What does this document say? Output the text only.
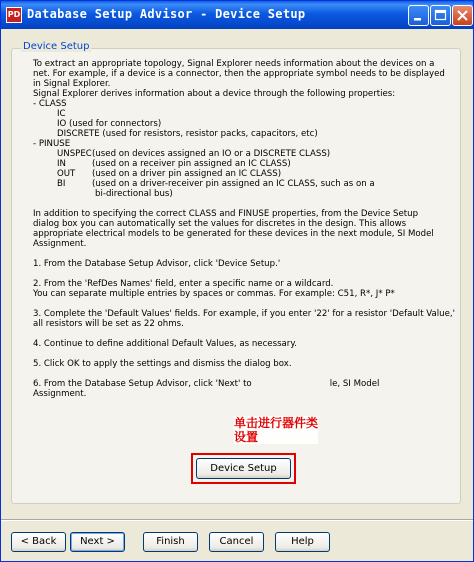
PD Database Setup Advisor - Device Setup
Device Setup
To extract an appropriate topology, Signal Explorer needs information about the devices on a
net. For example, if a device is a connector, then the appropriate symbol needs to be displayed
in Signal Explorer.
Signal Explorer derives information about a device through the following properties:
- CLASS
IC
IO (used for connectors)
DISCRETE (used for resistors, resistor packs, capacitors, etc)
- PINUSE
UNSPEC(used on devices assigned an IO or a DISCRETE CLASS)
IN	(used on a receiver pin assigned an IC CLASS)
OUT (used on a driver pin assigned an IC CLASS)
BI	(used on a driver-receiver pin assigned an IC CLASS, such as on a
bi-directional bus)
In addition to specifying the correct CLASS and FINUSE properties, from the Device Setup
dialog box you can automatically set the values for discretes in the design. This allows
appropriate electrical models to be generated for these devices in the next module, SI Model
Assignment.
1. From the Database Setup Advisor, click 'Device Setup.'
2. From the 'RefDes Names' field, enter a specific name or a wildcard.
You can separate multiple entries by spaces or commas. For example: C51, R*, J* P*
3. Complete the 'Default Values' fields. For example, if you enter '22' for a resistor 'Default Value,'
all resistors will be set as 22 ohms.
4. Continue to define additional Default Values, as necessary.
5. Click OK to apply the settings and dismiss the dialog box.
6. From the Database Setup Advisor, click 'Next' to	le, SI Model
Assignment.
单击进行器件类
设置
Device Setup
< Back	Next >	Finish	Cancel	Help
